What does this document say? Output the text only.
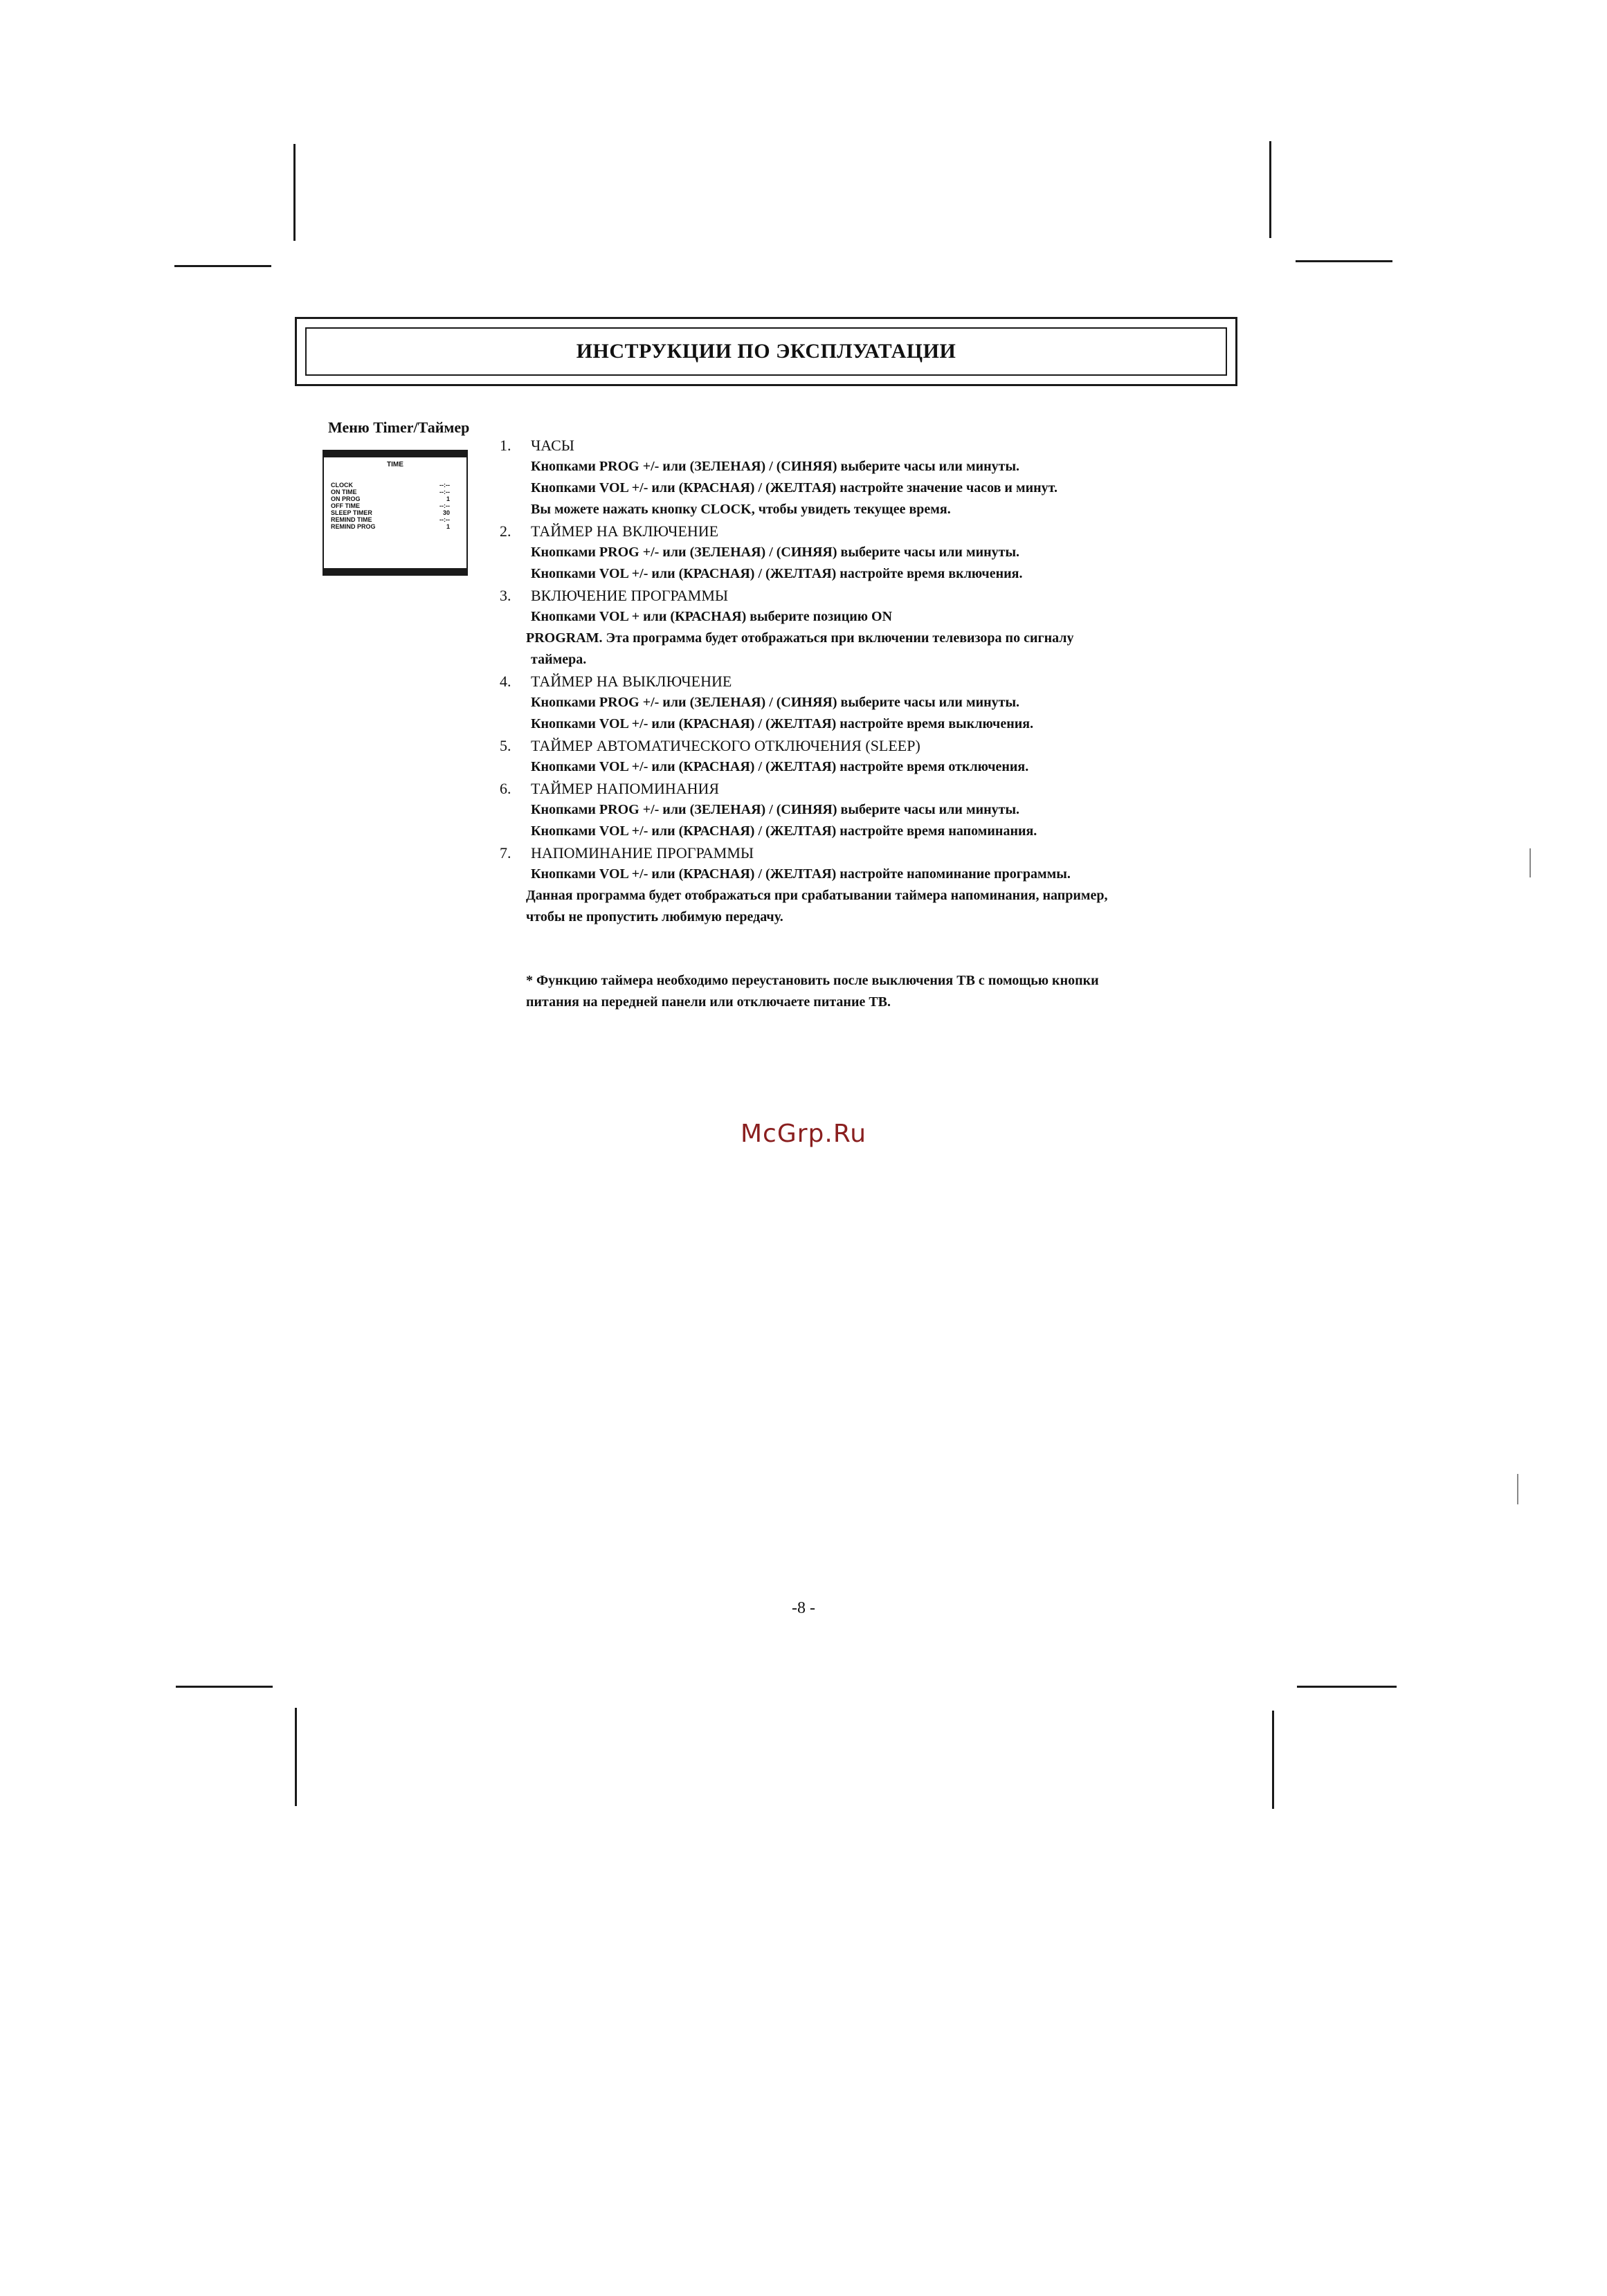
ИНСТРУКЦИИ ПО ЭКСПЛУАТАЦИИ
Меню Timer/Таймер
TIME
CLOCK	--:--
ON TIME	--:--
ON PROG	1
OFF TIME	--:--
SLEEP TIMER	30
REMIND TIME	--:--
REMIND PROG	1
1.	ЧАСЫ
Кнопками PROG +/- или (ЗЕЛЕНАЯ) / (СИНЯЯ) выберите часы или минуты.
Кнопками VOL +/- или (КРАСНАЯ) / (ЖЕЛТАЯ) настройте значение часов и минут.
Вы можете нажать кнопку CLOCK, чтобы увидеть текущее время.
2.	ТАЙМЕР НА ВКЛЮЧЕНИЕ
Кнопками PROG +/- или (ЗЕЛЕНАЯ) / (СИНЯЯ) выберите часы или минуты.
Кнопками VOL +/- или (КРАСНАЯ) / (ЖЕЛТАЯ) настройте время включения.
3.	ВКЛЮЧЕНИЕ ПРОГРАММЫ
Кнопками VOL + или (КРАСНАЯ) выберите позицию ON
PROGRAM. Эта программа будет отображаться при включении телевизора по сигналу
таймера.
4.	ТАЙМЕР НА ВЫКЛЮЧЕНИЕ
Кнопками PROG +/- или (ЗЕЛЕНАЯ) / (СИНЯЯ) выберите часы или минуты.
Кнопками VOL +/- или (КРАСНАЯ) / (ЖЕЛТАЯ) настройте время выключения.
5.	ТАЙМЕР АВТОМАТИЧЕСКОГО ОТКЛЮЧЕНИЯ (SLEEP)
Кнопками VOL +/- или (КРАСНАЯ) / (ЖЕЛТАЯ) настройте время отключения.
6.	ТАЙМЕР НАПОМИНАНИЯ
Кнопками PROG +/- или (ЗЕЛЕНАЯ) / (СИНЯЯ) выберите часы или минуты.
Кнопками VOL +/- или (КРАСНАЯ) / (ЖЕЛТАЯ) настройте время напоминания.
7.	НАПОМИНАНИЕ ПРОГРАММЫ
Кнопками VOL +/- или (КРАСНАЯ) / (ЖЕЛТАЯ) настройте напоминание программы.
Данная программа будет отображаться при срабатывании таймера напоминания, например,
чтобы не пропустить любимую передачу.
* Функцию таймера необходимо переустановить после выключения ТВ с помощью кнопки
питания на передней панели или отключаете питание ТВ.
McGrp.Ru
-8 -
